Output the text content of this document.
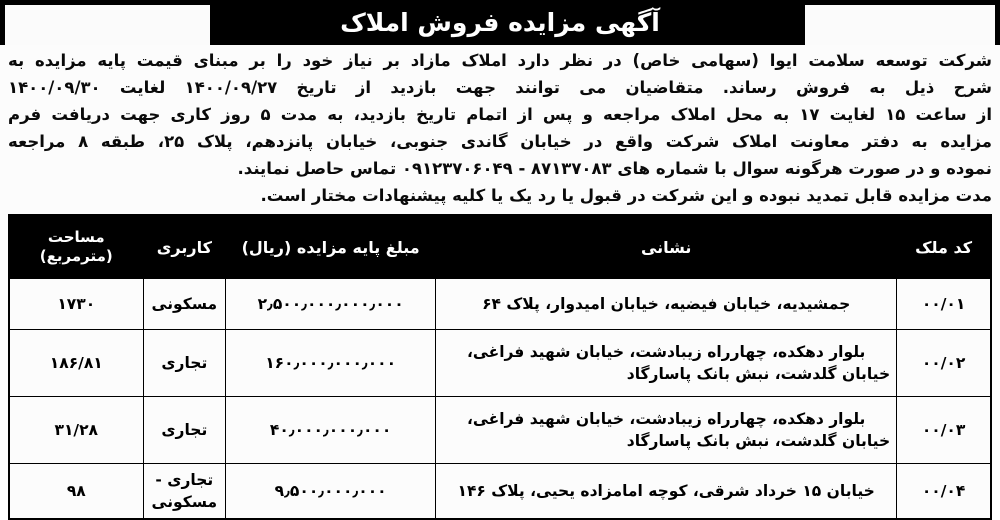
آگهی مزایده فروش املاک
شرکت توسعه سلامت ایوا (سهامی خاص) در نظر دارد املاک مازاد بر نیاز خود را بر مبنای قیمت پایه مزایده به
شرح ذیل به فروش رساند. متقاضیان می توانند جهت بازدید از تاریخ ۱۴۰۰/۰۹/۲۷ لغایت ۱۴۰۰/۰۹/۳۰
از ساعت ۱۵ لغایت ۱۷ به محل املاک مراجعه و پس از اتمام تاریخ بازدید، به مدت ۵ روز کاری جهت دریافت فرم
مزایده به دفتر معاونت املاک شرکت واقع در خیابان گاندی جنوبی، خیابان پانزدهم، پلاک ۲۵، طبقه ۸ مراجعه
نموده و در صورت هرگونه سوال با شماره های ۸۷۱۳۷۰۸۳ - ۰۹۱۲۳۷۰۶۰۴۹ تماس حاصل نمایند.
مدت مزایده قابل تمدید نبوده و این شرکت در قبول یا رد یک یا کلیه پیشنهادات مختار است.
کد ملک	نشانی	مبلغ پایه مزایده (ریال)	کاربری	مساحت
(مترمربع)

۰۰/۰۱	جمشیدیه، خیابان فیضیه، خیابان امیدوار، پلاک ۶۴	۲٫۵۰۰٫۰۰۰٫۰۰۰٫۰۰۰	مسکونی	۱۷۳۰
۰۰/۰۲	بلوار دهکده، چهارراه زیبادشت، خیابان شهید فراغی،
خیابان گلدشت، نبش بانک پاسارگاد	۱۶۰٫۰۰۰٫۰۰۰٫۰۰۰	تجاری	۱۸۶/۸۱
۰۰/۰۳	بلوار دهکده، چهارراه زیبادشت، خیابان شهید فراغی،
خیابان گلدشت، نبش بانک پاسارگاد	۴۰٫۰۰۰٫۰۰۰٫۰۰۰	تجاری	۳۱/۲۸
۰۰/۰۴	خیابان ۱۵ خرداد شرقی، کوچه امامزاده یحیی، پلاک ۱۴۶	۹٫۵۰۰٫۰۰۰٫۰۰۰	تجاری - مسکونی	۹۸
